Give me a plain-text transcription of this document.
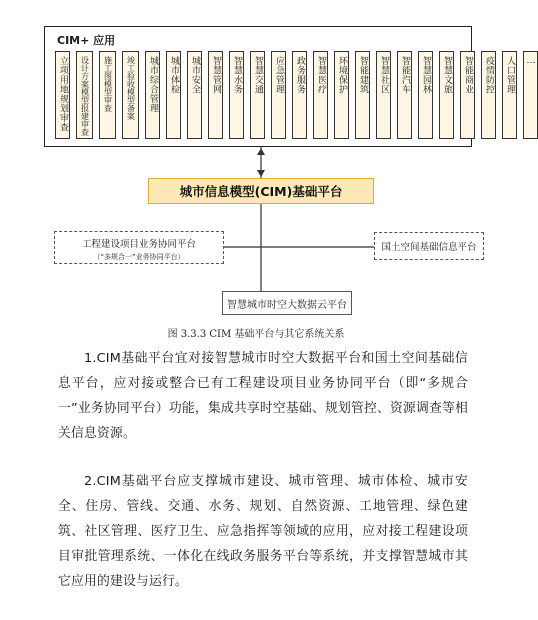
CIM+ 应用
立项用地规划审查 设计方案模型报建审查 施工图模型审查 竣工验收模型备案 城市综合管理 城市体检 城市安全 智慧管网 智慧水务 智慧交通 应急管理 政务服务 智慧医疗 环境保护 智能建筑 智慧社区 智能汽车 智慧园林 智慧文旅 智能商业 疫情防控 人口管理 …
城市信息模型(CIM)基础平台
工程建设项目业务协同平台
（“多规合一”业务协同平台）
国土空间基础信息平台
智慧城市时空大数据云平台
图 3.3.3 CIM 基础平台与其它系统关系

1.CIM基础平台宜对接智慧城市时空大数据平台和国土空间基础信息平台，应对接或整合已有工程建设项目业务协同平台（即“多规合一”业务协同平台）功能，集成共享时空基础、规划管控、资源调查等相关信息资源。

2.CIM基础平台应支撑城市建设、城市管理、城市体检、城市安全、住房、管线、交通、水务、规划、自然资源、工地管理、绿色建筑、社区管理、医疗卫生、应急指挥等领域的应用，应对接工程建设项目审批管理系统、一体化在线政务服务平台等系统，并支撑智慧城市其它应用的建设与运行。
